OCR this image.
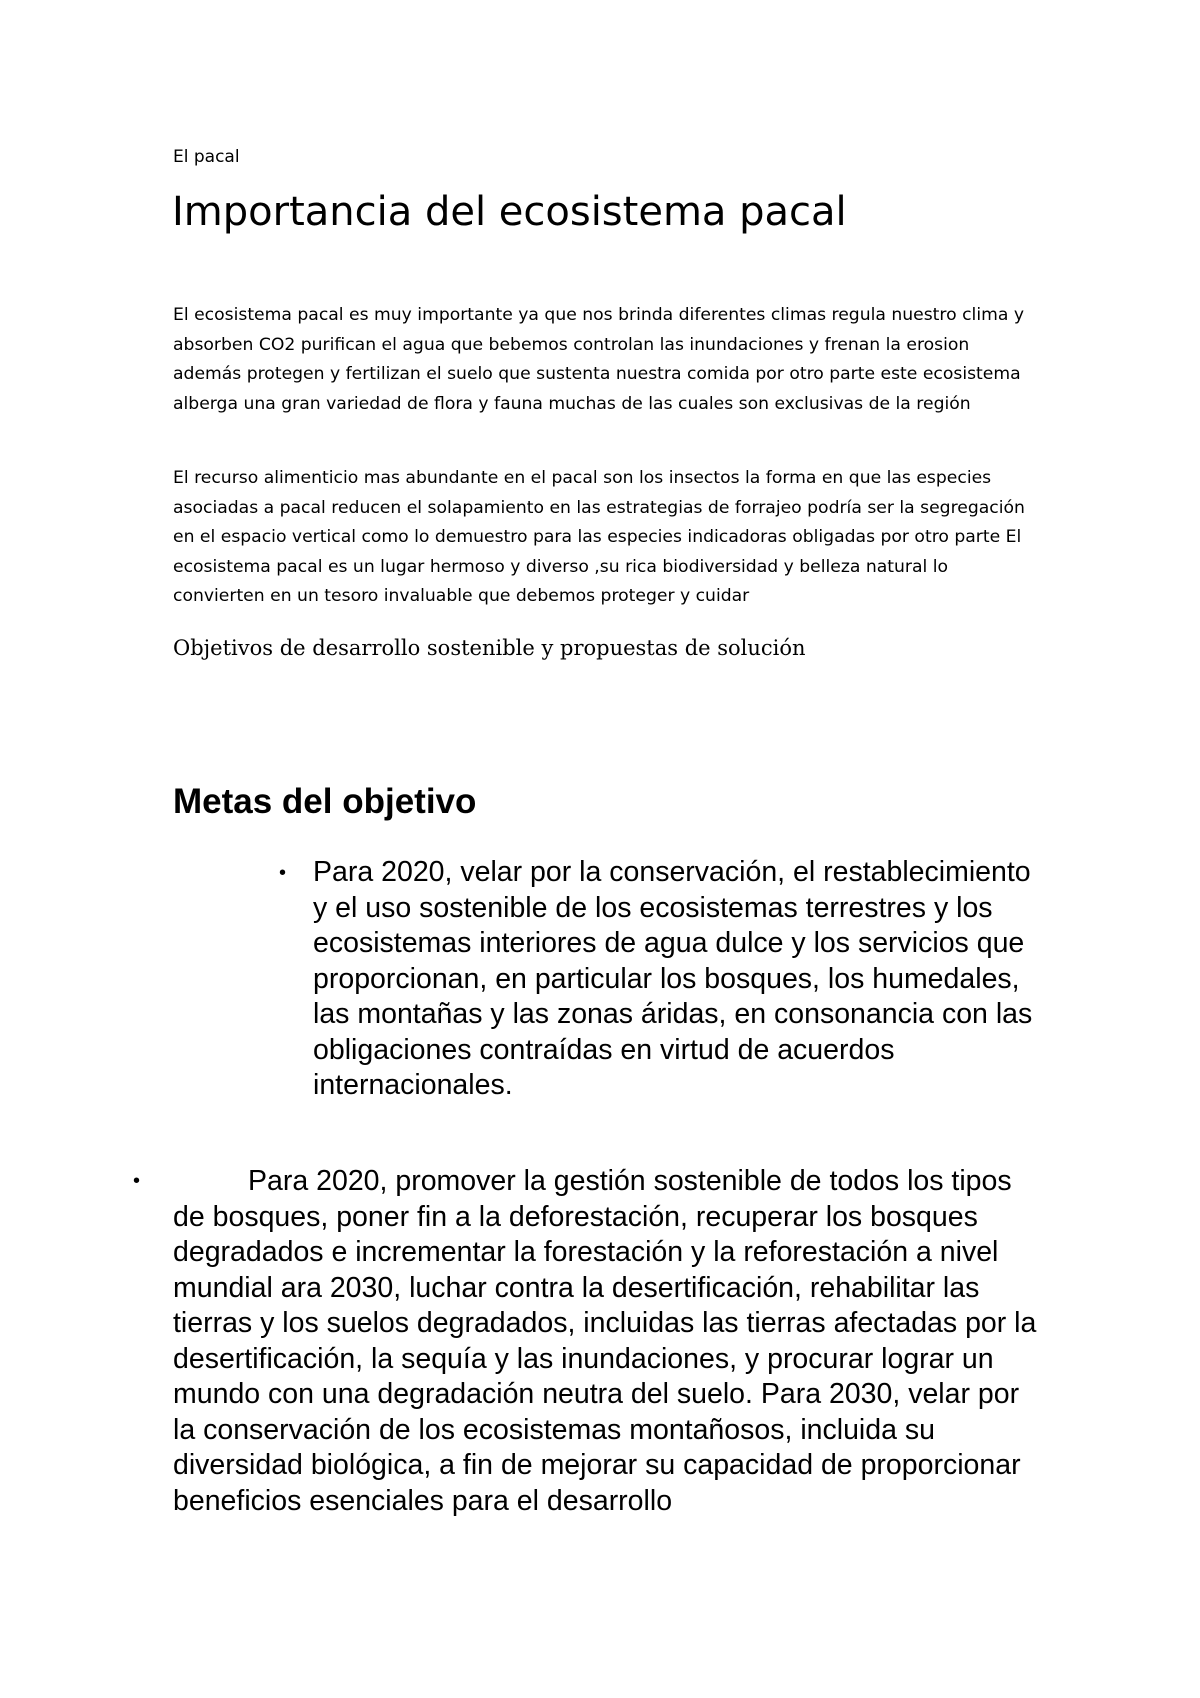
El pacal

Importancia del ecosistema pacal

El ecosistema pacal es muy importante ya que nos brinda diferentes climas regula nuestro clima y absorben CO2 purifican el agua que bebemos controlan las inundaciones y frenan la erosion además protegen y fertilizan el suelo que sustenta nuestra comida por otro parte este ecosistema alberga una gran variedad de flora y fauna muchas de las cuales son exclusivas de la región

El recurso alimenticio mas abundante en el pacal son los insectos la forma en que las especies asociadas a pacal reducen el solapamiento en las estrategias de forrajeo podría ser la segregación en el espacio vertical como lo demuestro para las especies indicadoras obligadas por otro parte El ecosistema pacal es un lugar hermoso y diverso ,su rica biodiversidad y belleza natural lo convierten en un tesoro invaluable que debemos proteger y cuidar

Objetivos de desarrollo sostenible y propuestas de solución

Metas del objetivo
• Para 2020, velar por la conservación, el restablecimiento y el uso sostenible de los ecosistemas terrestres y los ecosistemas interiores de agua dulce y los servicios que proporcionan, en particular los bosques, los humedales, las montañas y las zonas áridas, en consonancia con las obligaciones contraídas en virtud de acuerdos internacionales.

•	Para 2020, promover la gestión sostenible de todos los tipos de bosques, poner fin a la deforestación, recuperar los bosques degradados e incrementar la forestación y la reforestación a nivel mundial ara 2030, luchar contra la desertificación, rehabilitar las tierras y los suelos degradados, incluidas las tierras afectadas por la desertificación, la sequía y las inundaciones, y procurar lograr un mundo con una degradación neutra del suelo. Para 2030, velar por la conservación de los ecosistemas montañosos, incluida su diversidad biológica, a fin de mejorar su capacidad de proporcionar beneficios esenciales para el desarrollo
